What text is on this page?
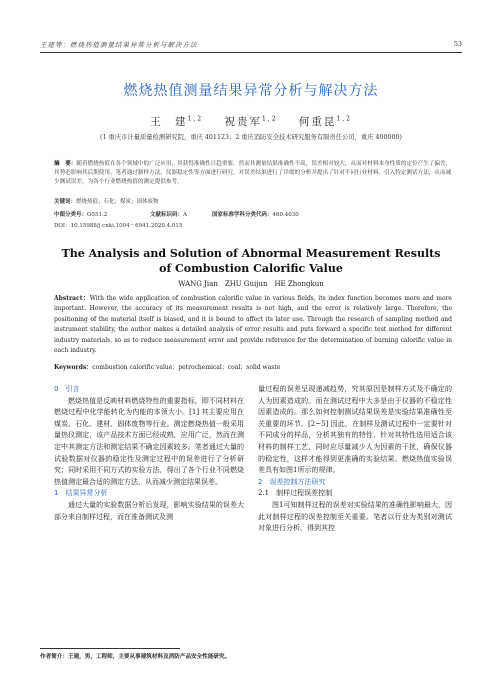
王建等：燃烧热值测量结果异常分析与解决方法	53
燃烧热值测量结果异常分析与解决方法
王　建$^{1,2}$ 祝贵军$^{1,2}$ 何重昆$^{1,2}$
(1 重庆市计量质量检测研究院，重庆 401123；2 重庆消防安全技术研究服务有限责任公司，重庆 400000)
摘　要：随着燃烧热值在各个领域中的广泛应用，其获得准确性日趋重要，然而其测量结果准确性不高，误差相对较大，从而对材料本身性质的定位产生了偏差，其势必影响其后期使用。笔者通过制样方法、仪器稳定性等方面进行研究，对误差结果进行了详细的分析并提出了针对不同行业材料，引入特定测试方法，从而减少测试误差，为各个行业燃烧热值的测定提供参考。
关键词：燃烧热值；石化；煤炭；固体废物
中图分类号：O551.2	文献标识码：A	国家标准学科分类代码：460.4030
DOI：10.15988/j.cnki.1004－6941.2020.4.015
The Analysis and Solution of Abnormal Measurement Results
of Combustion Calorific Value
WANG Jian　ZHU Guijun　HE Zhongkun
Abstract：With the wide application of combustion calorific value in various fields, its index function becomes more and more important. However, the accuracy of its measurement results is not high, and the error is relatively large. Therefore, the positioning of the material itself is biased, and it is bound to affect its later use. Through the research of sampling method and instrument stability, the author makes a detailed analysis of error results and puts forward a specific test method for different industry materials, so as to reduce measurement error and provide reference for the determination of burning calorific value in each industry.
Keywords：combustion calorific value；petrochemical；coal；solid waste
0　引言

燃烧热值是反映材料燃烧特性的重要指标，即不同材料在燃烧过程中化学能转化为内能的本领大小。[1] 其主要应用在煤炭、石化、建材、固体废物等行业。测定燃烧热值一般采用量热仪测定，该产品技术方面已经成熟，应用广泛，然而在测定中其测定方法和测定结果不确定因素较多。笔者通过大量的试验数据对仪器的稳定性及测定过程中的误差进行了分析研究；同时采用不同方式的实验方法，得出了各个行业不同燃烧热值测定最合适的测定方法，从而减少测定结果误差。

1　结果异常分析

通过大量的实验数据分析后发现，影响实验结果的误差大部分来自制样过程，而在准备测试及测

量过程的误差呈现递减趋势，究其原因是制样方式及不确定的人为因素造成的。而在测试过程中大多是由于仪器的不稳定性因素造成的。那么如何控制测试结果误差是实验结果准确性至关重要的环节。[2~5] 因此，在制样及测试过程中一定要针对不同成分的样品，分析其独有的特性，针对其特性选用适合该材料的制样工艺，同时应尽量减少人为因素的干扰，确保仪器的稳定性，这样才能得到更准确的实验结果。燃烧热值实验误差具有如图1所示的规律。

2　误差控制方法研究
2.1　制样过程误差控制

图1可知制样过程的误差对实验结果的准确性影响最大，因此对制样过程的误差控制至关重要。笔者以行业为类别对测试对象进行分析，得到其控

作者简介：王建，男，工程师，主要从事建筑材料及消防产品安全性能研究。
